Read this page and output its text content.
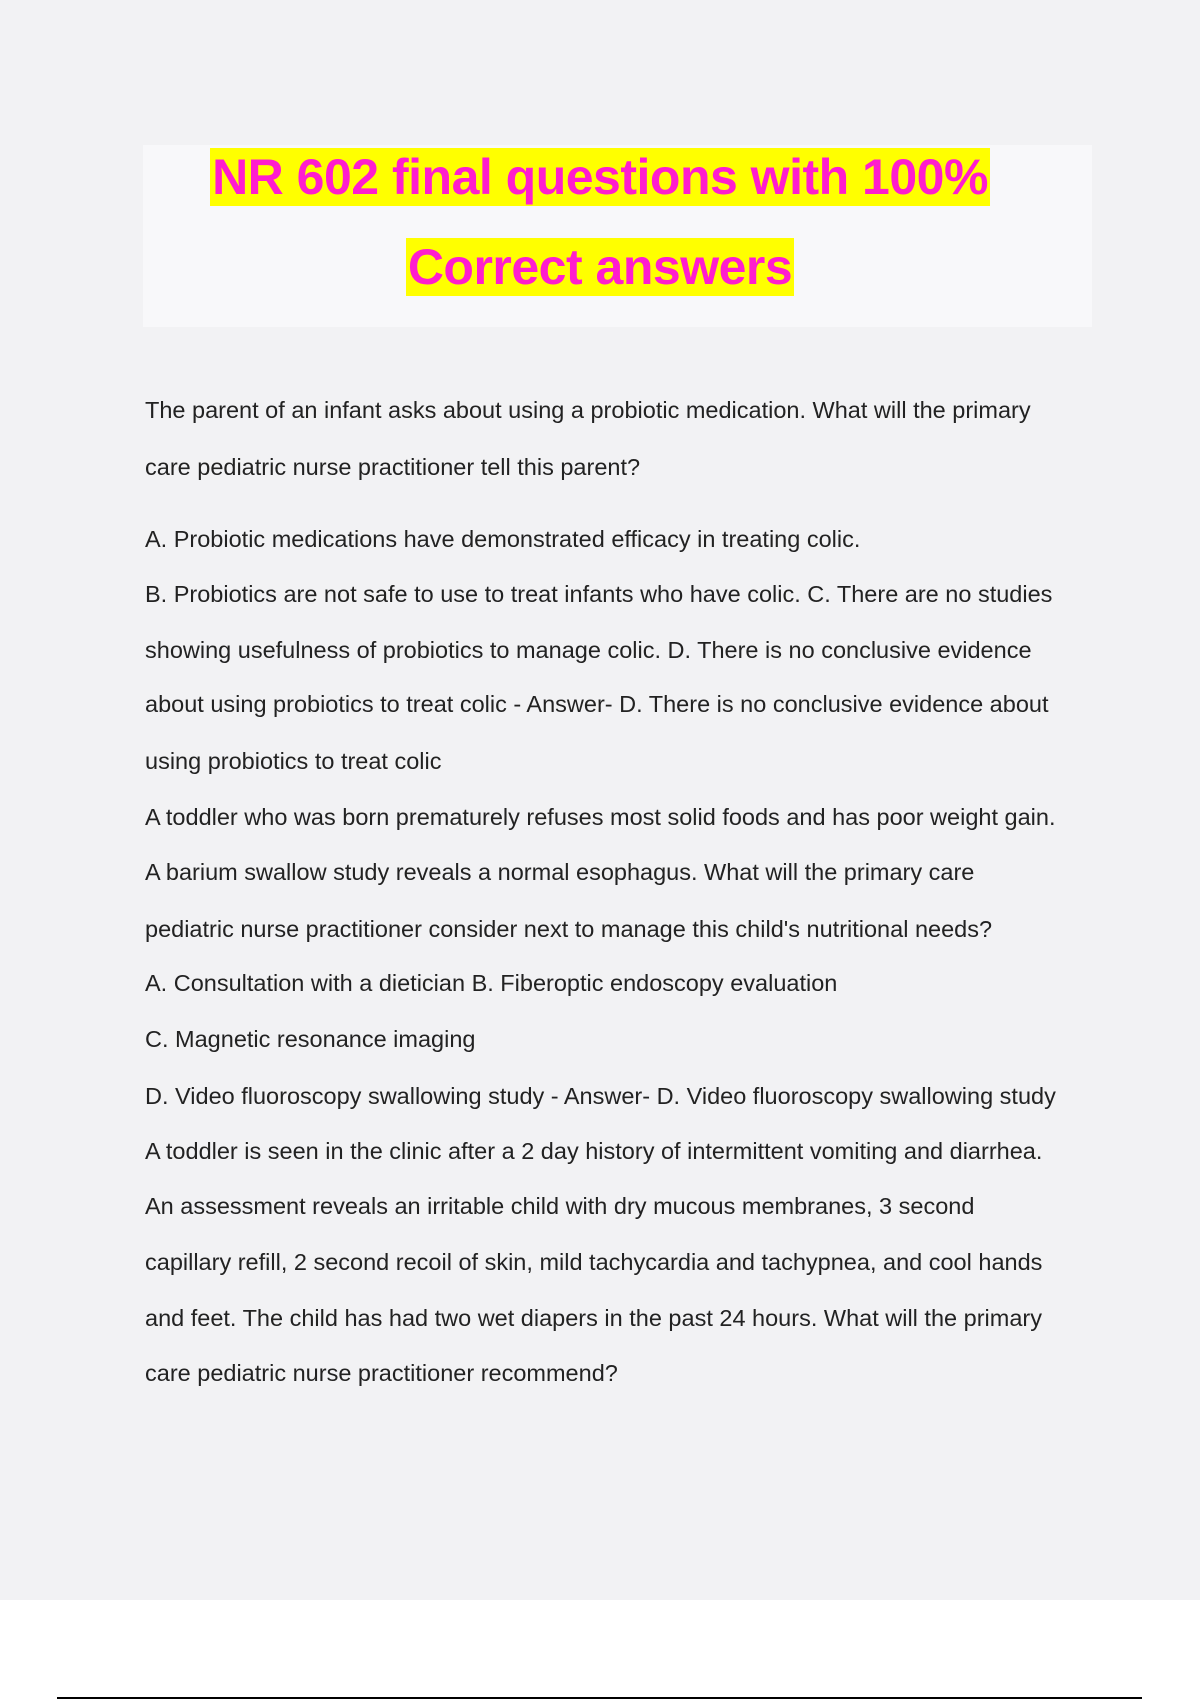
NR 602 final questions with 100%
Correct answers
The parent of an infant asks about using a probiotic medication. What will the primary
care pediatric nurse practitioner tell this parent?
A. Probiotic medications have demonstrated efficacy in treating colic.
B. Probiotics are not safe to use to treat infants who have colic. C. There are no studies
showing usefulness of probiotics to manage colic. D. There is no conclusive evidence
about using probiotics to treat colic - Answer- D. There is no conclusive evidence about
using probiotics to treat colic
A toddler who was born prematurely refuses most solid foods and has poor weight gain.
A barium swallow study reveals a normal esophagus. What will the primary care
pediatric nurse practitioner consider next to manage this child's nutritional needs?
A. Consultation with a dietician B. Fiberoptic endoscopy evaluation
C. Magnetic resonance imaging
D. Video fluoroscopy swallowing study - Answer- D. Video fluoroscopy swallowing study
A toddler is seen in the clinic after a 2 day history of intermittent vomiting and diarrhea.
An assessment reveals an irritable child with dry mucous membranes, 3 second
capillary refill, 2 second recoil of skin, mild tachycardia and tachypnea, and cool hands
and feet. The child has had two wet diapers in the past 24 hours. What will the primary
care pediatric nurse practitioner recommend?
